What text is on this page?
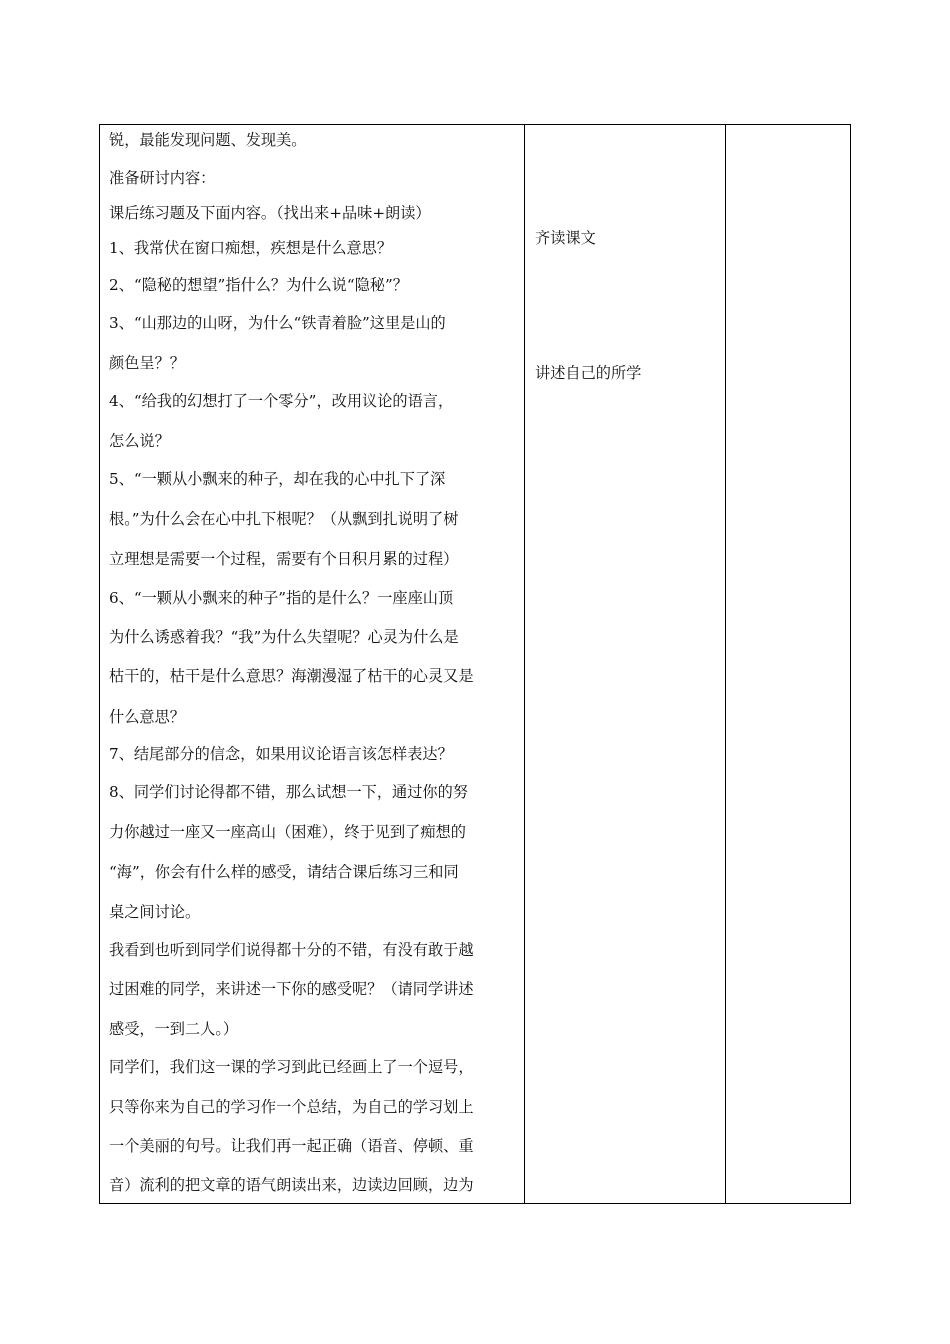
锐，最能发现问题、发现美。
准备研讨内容：
课后练习题及下面内容。（找出来+品味+朗读）
1、我常伏在窗口痴想，疾想是什么意思？
2、“隐秘的想望”指什么？为什么说“隐秘”？
3、“山那边的山呀，为什么“铁青着脸”这里是山的
颜色呈？？
4、“给我的幻想打了一个零分”，改用议论的语言，
怎么说？
5、“一颗从小飘来的种子，却在我的心中扎下了深
根。”为什么会在心中扎下根呢？（从飘到扎说明了树
立理想是需要一个过程，需要有个日积月累的过程）
6、“一颗从小飘来的种子”指的是什么？一座座山顶
为什么诱惑着我？“我”为什么失望呢？心灵为什么是
枯干的，枯干是什么意思？海潮漫湿了枯干的心灵又是
什么意思？
7、结尾部分的信念，如果用议论语言该怎样表达？
8、同学们讨论得都不错，那么试想一下，通过你的努
力你越过一座又一座高山（困难），终于见到了痴想的
“海”，你会有什么样的感受，请结合课后练习三和同
桌之间讨论。
我看到也听到同学们说得都十分的不错，有没有敢于越
过困难的同学，来讲述一下你的感受呢？（请同学讲述
感受，一到二人。）
同学们，我们这一课的学习到此已经画上了一个逗号，
只等你来为自己的学习作一个总结，为自己的学习划上
一个美丽的句号。让我们再一起正确（语音、停顿、重
音）流利的把文章的语气朗读出来，边读边回顾，边为
齐读课文
讲述自己的所学
